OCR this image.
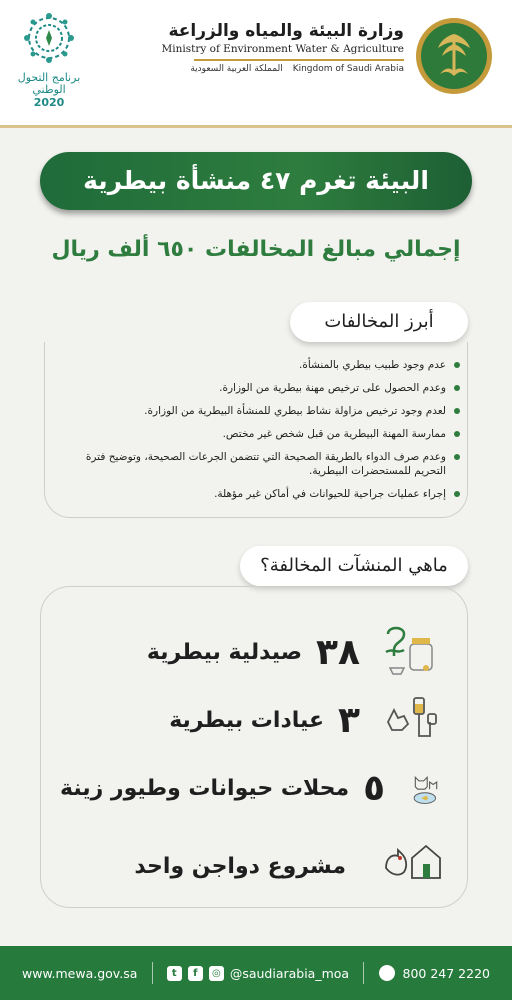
برنامج التحول الوطني
2020
وزارة البيئة والمياه والزراعة
Ministry of Environment Water & Agriculture
المملكة العربية السعودية Kingdom of Saudi Arabia
البيئة تغرم ٤٧ منشأة بيطرية
إجمالي مبالغ المخالفات ٦٥٠ ألف ريال
أبرز المخالفات
عدم وجود طبيب بيطري بالمنشأة.
وعدم الحصول على ترخيص مهنة بيطرية من الوزارة.
لعدم وجود ترخيص مزاولة نشاط بيطري للمنشأة البيطرية من الوزارة.
ممارسة المهنة البيطرية من قبل شخص غير مختص.
وعدم صرف الدواء بالطريقة الصحيحة التي تتضمن الجرعات الصحيحة، وتوضيح فترة التحريم للمستحضرات البيطرية.
إجراء عمليات جراحية للحيوانات في أماكن غير مؤهلة.
ماهي المنشآت المخالفة؟
صيدلية بيطرية ٣٨
عيادات بيطرية ٣
محلات حيوانات وطيور زينة ٥
مشروع دواجن واحد
www.mewa.gov.sa	t	f	◎ @saudiarabia_moa	800 247 2220
